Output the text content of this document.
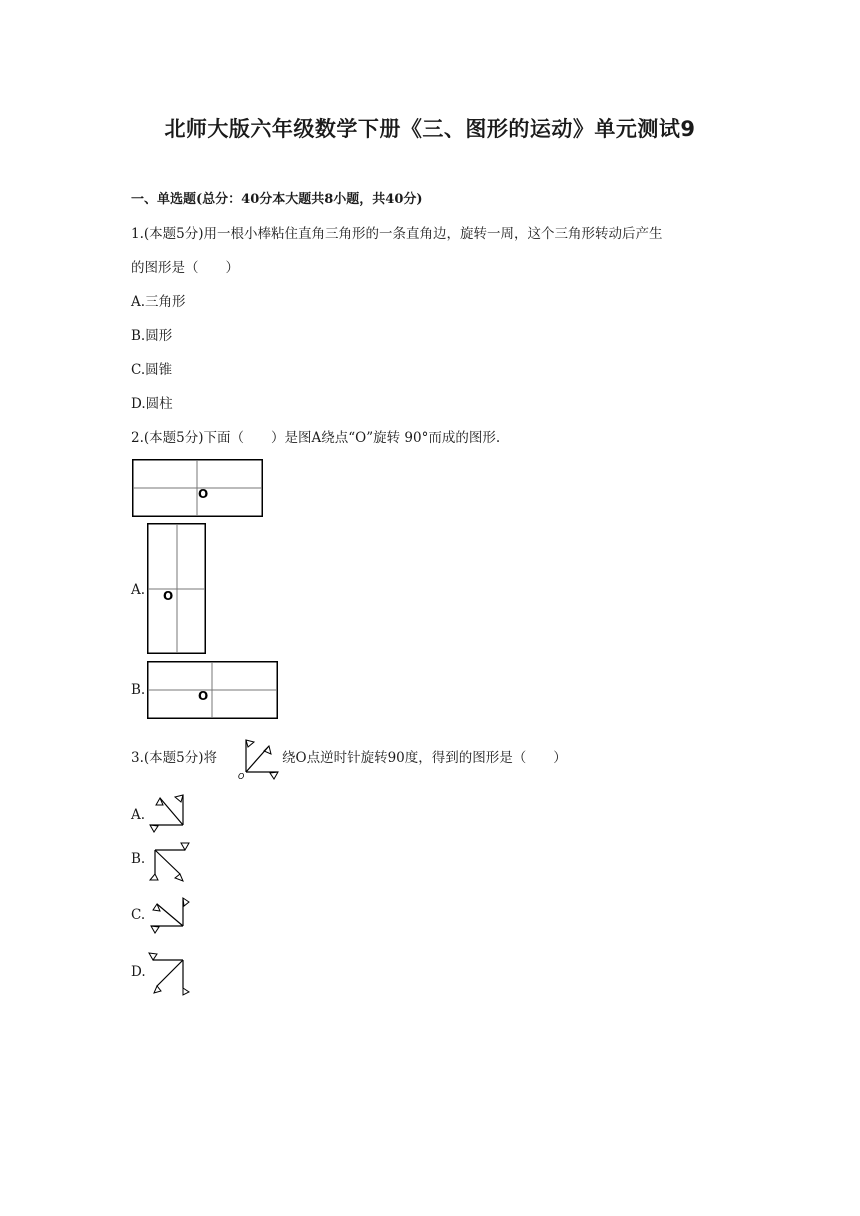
北师大版六年级数学下册《三、图形的运动》单元测试9
一、单选题(总分：40分本大题共8小题，共40分)
1.(本题5分)用一根小棒粘住直角三角形的一条直角边，旋转一周，这个三角形转动后产生
的图形是（　　）
A.三角形
B.圆形
C.圆锥
D.圆柱
2.(本题5分)下面（　　）是图A绕点“O”旋转 90°而成的图形.
O
A. O
B.	O
3.(本题5分)将
O
绕O点逆时针旋转90度，得到的图形是（　　）
A.
B.
C.
D.
